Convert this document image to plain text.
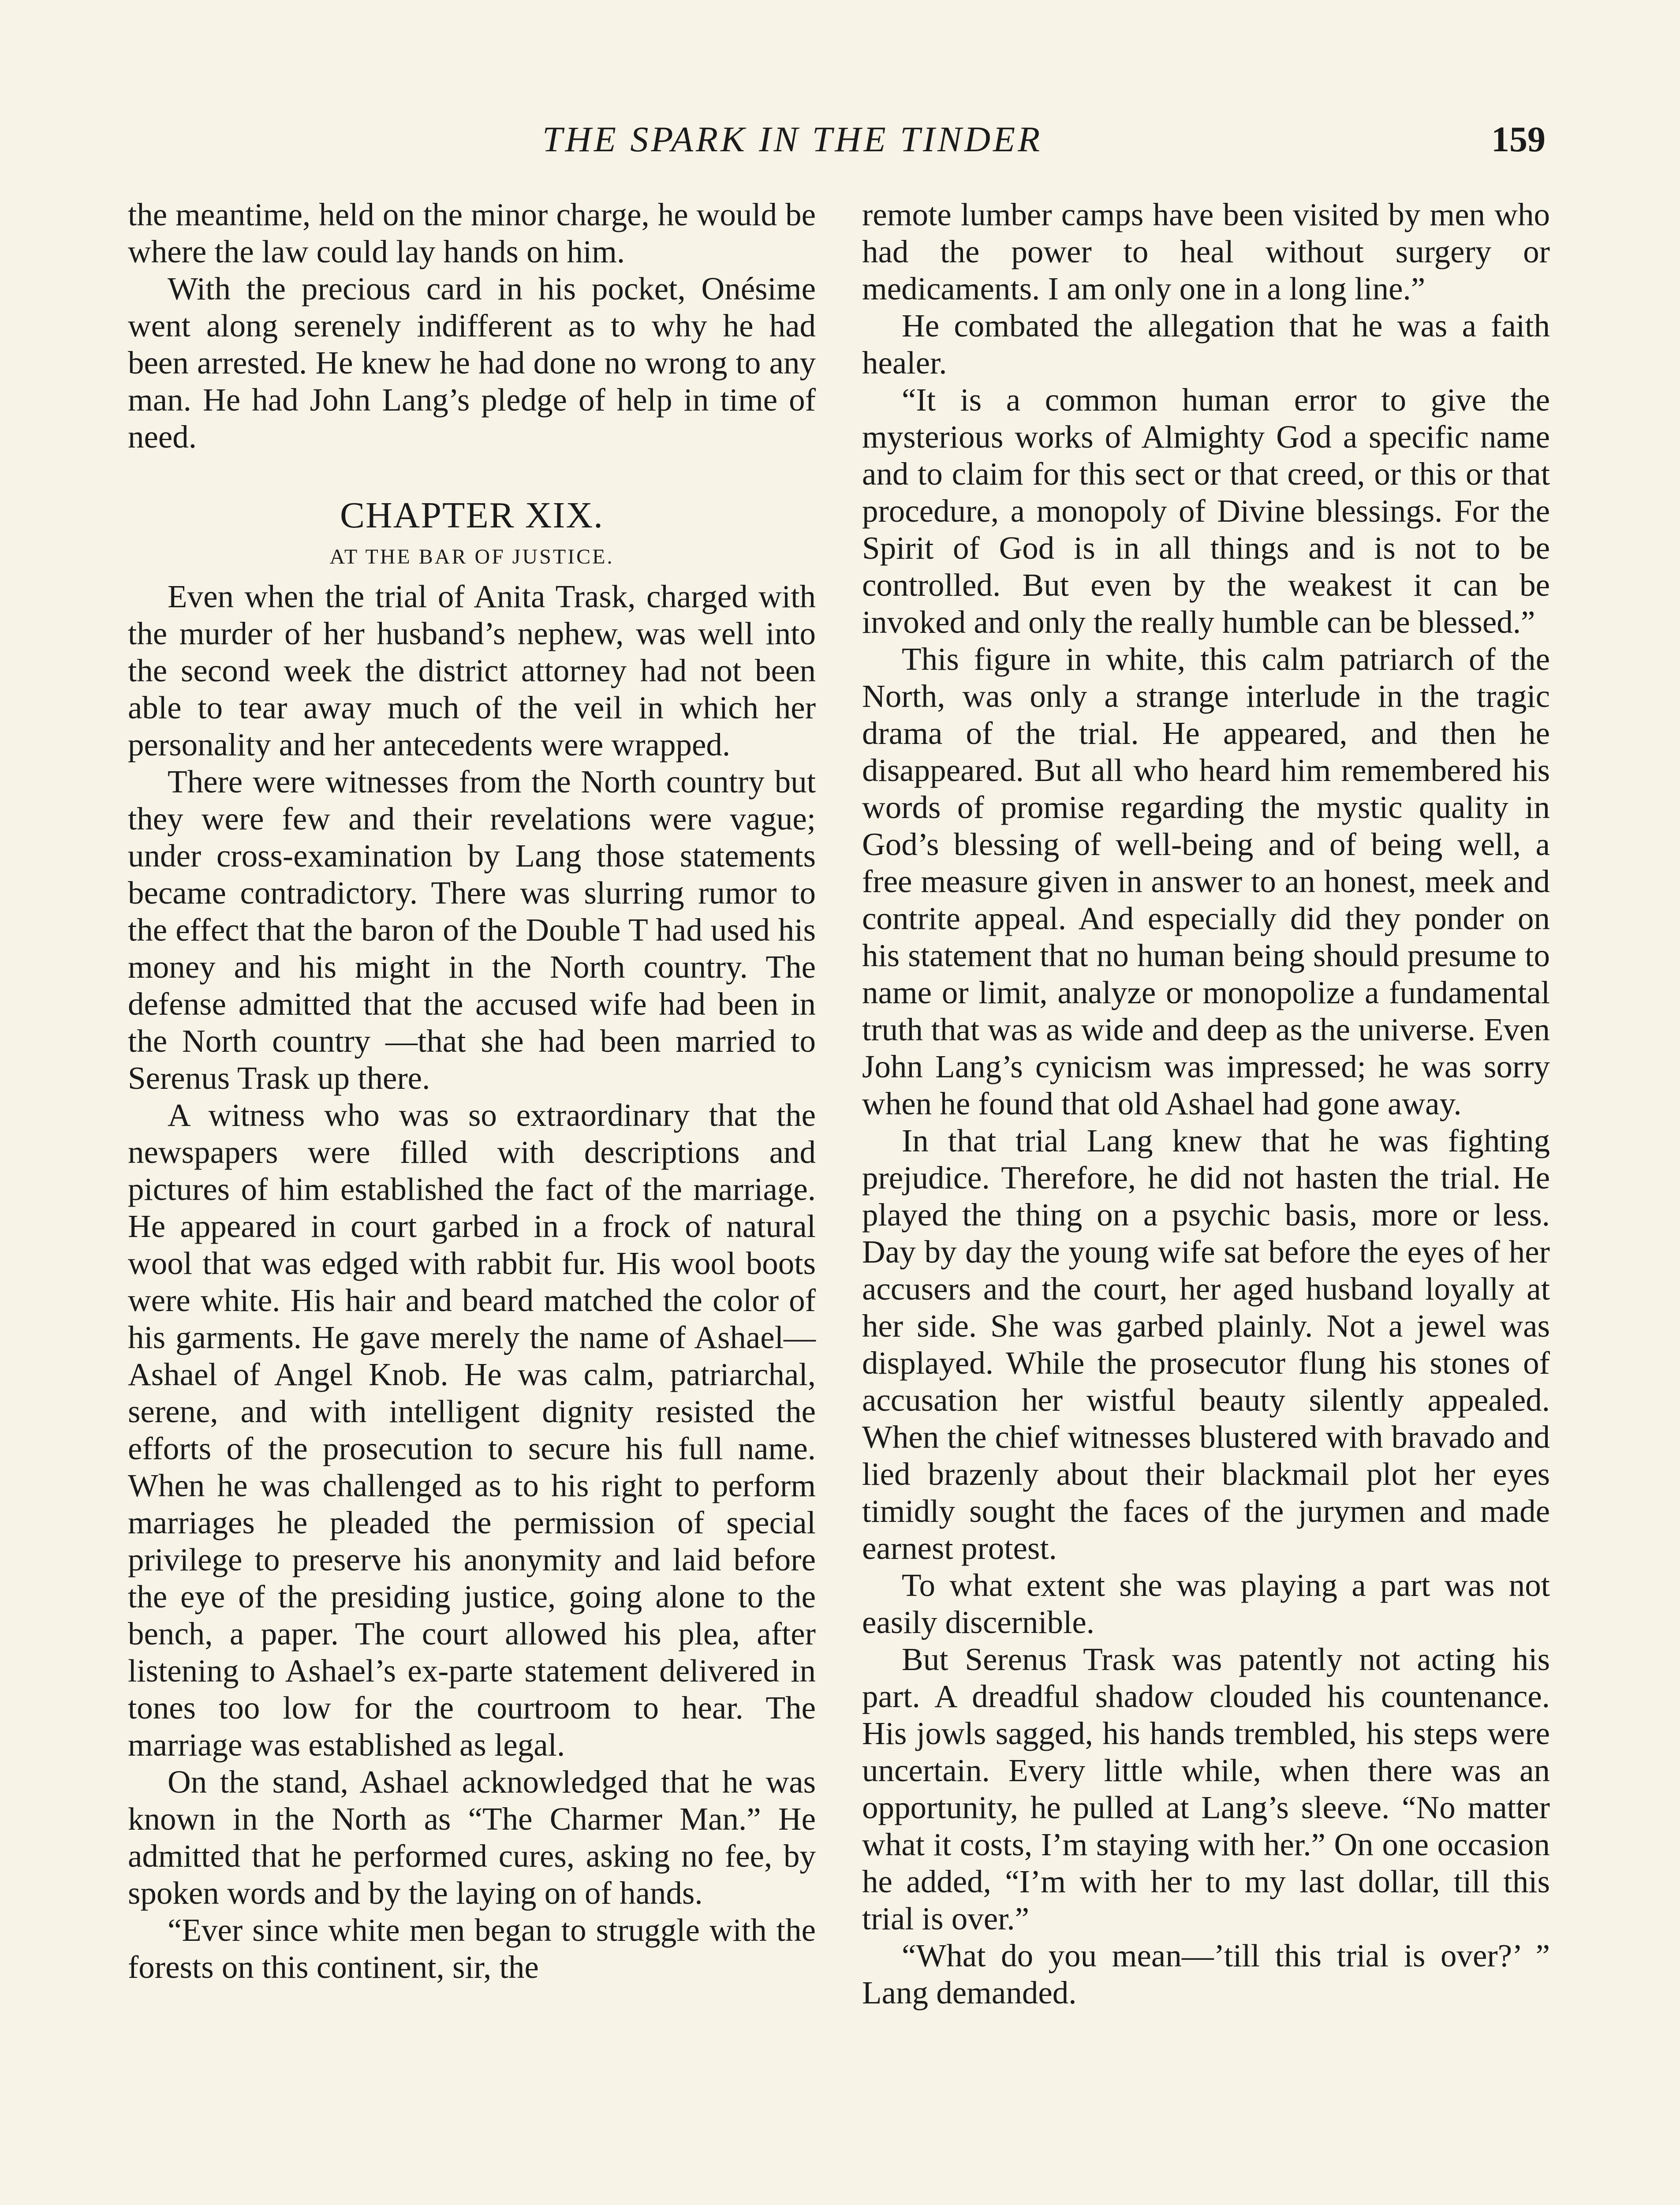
THE SPARK IN THE TINDER	159

the meantime, held on the minor charge, he would be where the law could lay hands on him.

With the precious card in his pocket, Onésime went along serenely indifferent as to why he had been arrested. He knew he had done no wrong to any man. He had John Lang’s pledge of help in time of need.

CHAPTER XIX.
AT THE BAR OF JUSTICE.

Even when the trial of Anita Trask, charged with the murder of her husband’s nephew, was well into the second week the district attorney had not been able to tear away much of the veil in which her personality and her antecedents were wrapped.

There were witnesses from the North country but they were few and their revelations were vague; under cross-examination by Lang those statements became contradictory. There was slurring rumor to the effect that the baron of the Double T had used his money and his might in the North country. The defense admitted that the accused wife had been in the North country —that she had been married to Serenus Trask up there.

A witness who was so extraordinary that the newspapers were filled with descriptions and pictures of him established the fact of the marriage. He appeared in court garbed in a frock of natural wool that was edged with rabbit fur. His wool boots were white. His hair and beard matched the color of his garments. He gave merely the name of Ashael—Ashael of Angel Knob. He was calm, patriarchal, serene, and with intelligent dignity resisted the efforts of the prosecution to secure his full name. When he was challenged as to his right to perform marriages he pleaded the permission of special privilege to preserve his anonymity and laid before the eye of the presiding justice, going alone to the bench, a paper. The court allowed his plea, after listening to Ashael’s ex-parte statement delivered in tones too low for the courtroom to hear. The marriage was established as legal.

On the stand, Ashael acknowledged that he was known in the North as “The Charmer Man.” He admitted that he performed cures, asking no fee, by spoken words and by the laying on of hands.

“Ever since white men began to struggle with the forests on this continent, sir, the

remote lumber camps have been visited by men who had the power to heal without surgery or medicaments. I am only one in a long line.”

He combated the allegation that he was a faith healer.

“It is a common human error to give the mysterious works of Almighty God a specific name and to claim for this sect or that creed, or this or that procedure, a monopoly of Divine blessings. For the Spirit of God is in all things and is not to be controlled. But even by the weakest it can be invoked and only the really humble can be blessed.”

This figure in white, this calm patriarch of the North, was only a strange interlude in the tragic drama of the trial. He appeared, and then he disappeared. But all who heard him remembered his words of promise regarding the mystic quality in God’s blessing of well-being and of being well, a free measure given in answer to an honest, meek and contrite appeal. And especially did they ponder on his statement that no human being should presume to name or limit, analyze or monopolize a fundamental truth that was as wide and deep as the universe. Even John Lang’s cynicism was impressed; he was sorry when he found that old Ashael had gone away.

In that trial Lang knew that he was fighting prejudice. Therefore, he did not hasten the trial. He played the thing on a psychic basis, more or less. Day by day the young wife sat before the eyes of her accusers and the court, her aged husband loyally at her side. She was garbed plainly. Not a jewel was displayed. While the prosecutor flung his stones of accusation her wistful beauty silently appealed. When the chief witnesses blustered with bravado and lied brazenly about their blackmail plot her eyes timidly sought the faces of the jurymen and made earnest protest.

To what extent she was playing a part was not easily discernible.

But Serenus Trask was patently not acting his part. A dreadful shadow clouded his countenance. His jowls sagged, his hands trembled, his steps were uncertain. Every little while, when there was an opportunity, he pulled at Lang’s sleeve. “No matter what it costs, I’m staying with her.” On one occasion he added, “I’m with her to my last dollar, till this trial is over.”

“What do you mean—’till this trial is over?’ ” Lang demanded.
